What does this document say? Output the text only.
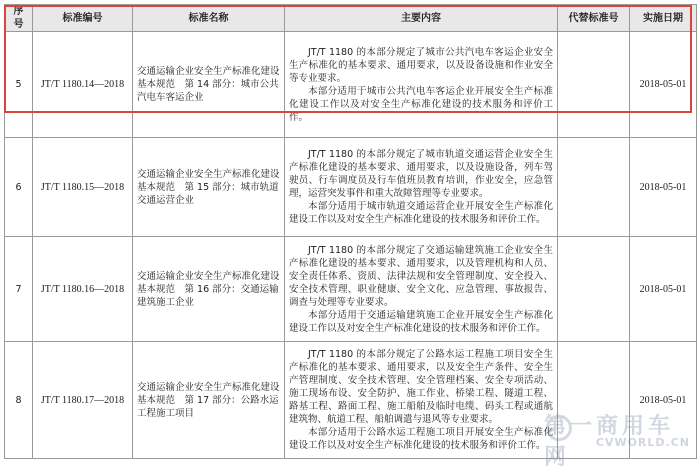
序号	标准编号	标准名称	主要内容	代替标准号	实施日期
5	JT/T 1180.14—2018	交通运输企业安全生产标准化建设基本规范　第 14 部分：城市公共汽电车客运企业	JT/T 1180 的本部分规定了城市公共汽电车客运企业安全生产标准化的基本要求、通用要求，以及设备设施和作业安全等专业要求。

本部分适用于城市公共汽电车客运企业开展安全生产标准化建设工作以及对安全生产标准化建设的技术服务和评价工作。		2018-05-01
6	JT/T 1180.15—2018	交通运输企业安全生产标准化建设基本规范　第 15 部分：城市轨道交通运营企业	JT/T 1180 的本部分规定了城市轨道交通运营企业安全生产标准化建设的基本要求、通用要求，以及设施设备，列车驾驶员、行车调度员及行车值班员教育培训，作业安全，应急管理，运营突发事件和重大故障管理等专业要求。

本部分适用于城市轨道交通运营企业开展安全生产标准化建设工作以及对安全生产标准化建设的技术服务和评价工作。		2018-05-01
7	JT/T 1180.16—2018	交通运输企业安全生产标准化建设基本规范　第 16 部分：交通运输建筑施工企业	JT/T 1180 的本部分规定了交通运输建筑施工企业安全生产标准化建设的基本要求、通用要求，以及管理机构和人员、安全责任体系、资质、法律法规和安全管理制度、安全投入、安全技术管理、职业健康、安全文化、应急管理、事故报告、调查与处理等专业要求。

本部分适用于交通运输建筑施工企业开展安全生产标准化建设工作以及对安全生产标准化建设的技术服务和评价工作。		2018-05-01
8	JT/T 1180.17—2018	交通运输企业安全生产标准化建设基本规范　第 17 部分：公路水运工程施工项目	JT/T 1180 的本部分规定了公路水运工程施工项目安全生产标准化的基本要求、通用要求，以及安全生产条件、安全生产管理制度、安全技术管理、安全管理档案、安全专项活动、施工现场布设、安全防护、施工作业、桥梁工程、隧道工程、路基工程、路面工程、施工船舶及临时电缆、码头工程或通航建筑物、航道工程、船舶调遣与退风等专业要求。

本部分适用于公路水运工程施工项目开展安全生产标准化建设工作以及对安全生产标准化建设的技术服务和评价工作。		2018-05-01
第一商用车网
CVWORLD.CN
